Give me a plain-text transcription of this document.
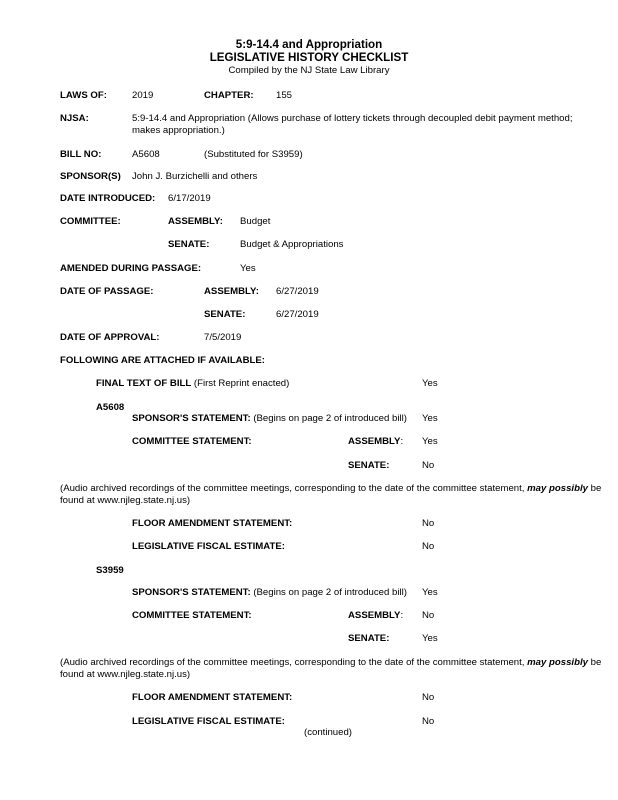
5:9-14.4 and Appropriation
LEGISLATIVE HISTORY CHECKLIST
Compiled by the NJ State Law Library
LAWS OF:	2019	CHAPTER: 155
NJSA:	5:9-14.4 and Appropriation (Allows purchase of lottery tickets through decoupled debit payment method; makes appropriation.)
BILL NO:	A5608	(Substituted for S3959)
SPONSOR(S) John J. Burzichelli and others
DATE INTRODUCED: 6/17/2019
COMMITTEE:	ASSEMBLY: Budget
SENATE:	Budget & Appropriations
AMENDED DURING PASSAGE:	Yes
DATE OF PASSAGE:	ASSEMBLY: 6/27/2019
SENATE:	6/27/2019
DATE OF APPROVAL:	7/5/2019
FOLLOWING ARE ATTACHED IF AVAILABLE:
FINAL TEXT OF BILL (First Reprint enacted)	Yes
A5608
SPONSOR'S STATEMENT: (Begins on page 2 of introduced bill) Yes
COMMITTEE STATEMENT:	ASSEMBLY: Yes
SENATE:	No
(Audio archived recordings of the committee meetings, corresponding to the date of the committee statement, may possibly be found at www.njleg.state.nj.us)
FLOOR AMENDMENT STATEMENT:	No
LEGISLATIVE FISCAL ESTIMATE:	No
S3959
SPONSOR'S STATEMENT: (Begins on page 2 of introduced bill) Yes
COMMITTEE STATEMENT:	ASSEMBLY: No
SENATE:	Yes
(Audio archived recordings of the committee meetings, corresponding to the date of the committee statement, may possibly be found at www.njleg.state.nj.us)
FLOOR AMENDMENT STATEMENT:	No
LEGISLATIVE FISCAL ESTIMATE:	No
(continued)
